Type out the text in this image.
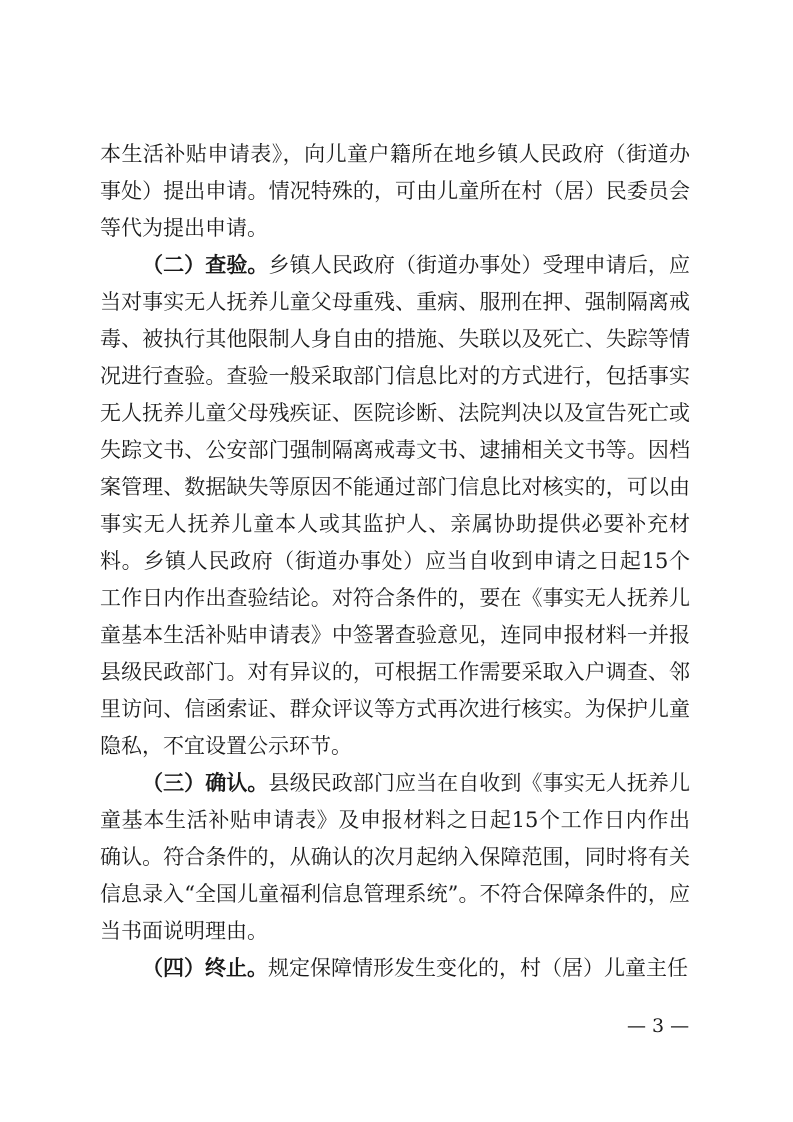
本生活补贴申请表》，向儿童户籍所在地乡镇人民政府（街道办事处）提出申请。情况特殊的，可由儿童所在村（居）民委员会等代为提出申请。

（二）查验。乡镇人民政府（街道办事处）受理申请后，应当对事实无人抚养儿童父母重残、重病、服刑在押、强制隔离戒毒、被执行其他限制人身自由的措施、失联以及死亡、失踪等情况进行查验。查验一般采取部门信息比对的方式进行，包括事实无人抚养儿童父母残疾证、医院诊断、法院判决以及宣告死亡或失踪文书、公安部门强制隔离戒毒文书、逮捕相关文书等。因档案管理、数据缺失等原因不能通过部门信息比对核实的，可以由事实无人抚养儿童本人或其监护人、亲属协助提供必要补充材料。乡镇人民政府（街道办事处）应当自收到申请之日起15个工作日内作出查验结论。对符合条件的，要在《事实无人抚养儿童基本生活补贴申请表》中签署查验意见，连同申报材料一并报县级民政部门。对有异议的，可根据工作需要采取入户调查、邻里访问、信函索证、群众评议等方式再次进行核实。为保护儿童隐私，不宜设置公示环节。

（三）确认。县级民政部门应当在自收到《事实无人抚养儿童基本生活补贴申请表》及申报材料之日起15个工作日内作出确认。符合条件的，从确认的次月起纳入保障范围，同时将有关信息录入“全国儿童福利信息管理系统”。不符合保障条件的，应当书面说明理由。

（四）终止。规定保障情形发生变化的，村（居）儿童主任

— 3 —
